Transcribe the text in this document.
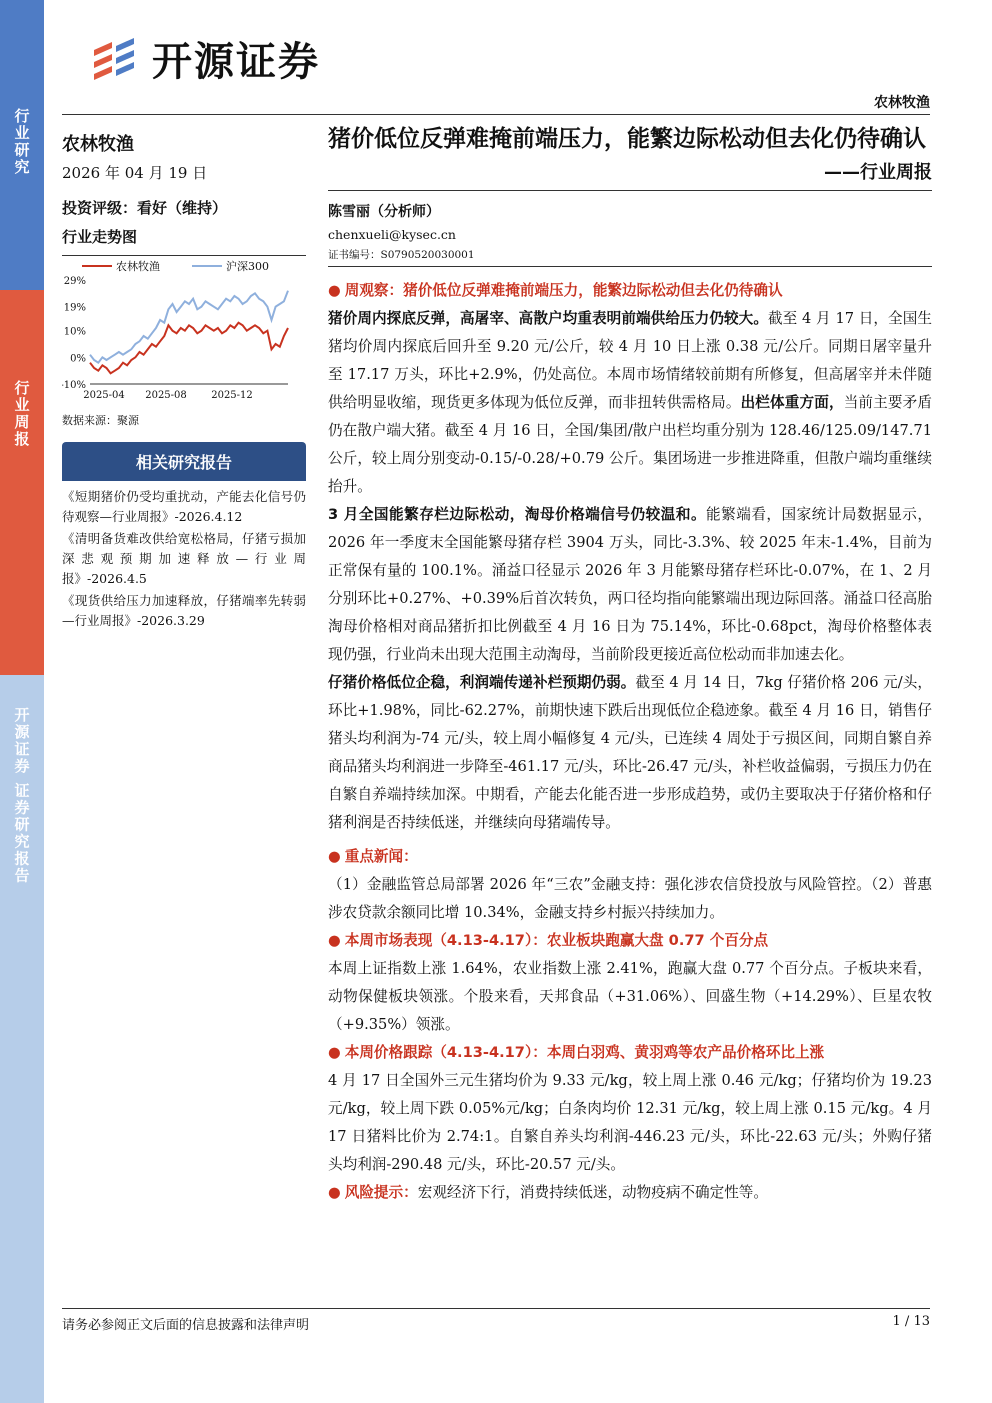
行业研究
行业周报
开源证券 证券研究报告
开源证券
农林牧渔
农林牧渔
2026 年 04 月 19 日
投资评级：看好（维持）
行业走势图
农林牧渔	沪深300
29%
19%
10%
0%
-10%
2025-04 2025-08 2025-12
数据来源：聚源
相关研究报告
《短期猪价仍受均重扰动，产能去化信号仍待观察—行业周报》-2026.4.12
《清明备货难改供给宽松格局，仔猪亏损加深悲观预期加速释放—行业周报》-2026.4.5
《现货供给压力加速释放，仔猪端率先转弱—行业周报》-2026.3.29
猪价低位反弹难掩前端压力，能繁边际松动但去化仍待确认
——行业周报
陈雪丽（分析师）
chenxueli@kysec.cn
证书编号：S0790520030001
● 周观察：猪价低位反弹难掩前端压力，能繁边际松动但去化仍待确认
猪价周内探底反弹，高屠宰、高散户均重表明前端供给压力仍较大。截至 4 月 17 日，全国生猪均价周内探底后回升至 9.20 元/公斤，较 4 月 10 日上涨 0.38 元/公斤。同期日屠宰量升至 17.17 万头，环比+2.9%，仍处高位。本周市场情绪较前期有所修复，但高屠宰并未伴随供给明显收缩，现货更多体现为低位反弹，而非扭转供需格局。出栏体重方面，当前主要矛盾仍在散户端大猪。截至 4 月 16 日，全国/集团/散户出栏均重分别为 128.46/125.09/147.71 公斤，较上周分别变动-0.15/-0.28/+0.79 公斤。集团场进一步推进降重，但散户端均重继续抬升。
3 月全国能繁存栏边际松动，淘母价格端信号仍较温和。能繁端看，国家统计局数据显示，2026 年一季度末全国能繁母猪存栏 3904 万头，同比-3.3%、较 2025 年末-1.4%，目前为正常保有量的 100.1%。涌益口径显示 2026 年 3 月能繁母猪存栏环比-0.07%，在 1、2 月分别环比+0.27%、+0.39%后首次转负，两口径均指向能繁端出现边际回落。涌益口径高胎淘母价格相对商品猪折扣比例截至 4 月 16 日为 75.14%，环比-0.68pct，淘母价格整体表现仍强，行业尚未出现大范围主动淘母，当前阶段更接近高位松动而非加速去化。
仔猪价格低位企稳，利润端传递补栏预期仍弱。截至 4 月 14 日，7kg 仔猪价格 206 元/头，环比+1.98%，同比-62.27%，前期快速下跌后出现低位企稳迹象。截至 4 月 16 日，销售仔猪头均利润为-74 元/头，较上周小幅修复 4 元/头，已连续 4 周处于亏损区间，同期自繁自养商品猪头均利润进一步降至-461.17 元/头，环比-26.47 元/头，补栏收益偏弱，亏损压力仍在自繁自养端持续加深。中期看，产能去化能否进一步形成趋势，或仍主要取决于仔猪价格和仔猪利润是否持续低迷，并继续向母猪端传导。
● 重点新闻：
（1）金融监管总局部署 2026 年“三农”金融支持：强化涉农信贷投放与风险管控。（2）普惠涉农贷款余额同比增 10.34%，金融支持乡村振兴持续加力。
● 本周市场表现（4.13-4.17）：农业板块跑赢大盘 0.77 个百分点
本周上证指数上涨 1.64%，农业指数上涨 2.41%，跑赢大盘 0.77 个百分点。子板块来看，动物保健板块领涨。个股来看，天邦食品（+31.06%）、回盛生物（+14.29%）、巨星农牧（+9.35%）领涨。
● 本周价格跟踪（4.13-4.17）：本周白羽鸡、黄羽鸡等农产品价格环比上涨
4 月 17 日全国外三元生猪均价为 9.33 元/kg，较上周上涨 0.46 元/kg；仔猪均价为 19.23 元/kg，较上周下跌 0.05%元/kg；白条肉均价 12.31 元/kg，较上周上涨 0.15 元/kg。4 月 17 日猪料比价为 2.74:1。自繁自养头均利润-446.23 元/头，环比-22.63 元/头；外购仔猪头均利润-290.48 元/头，环比-20.57 元/头。
● 风险提示：宏观经济下行，消费持续低迷，动物疫病不确定性等。
请务必参阅正文后面的信息披露和法律声明	1 / 13
